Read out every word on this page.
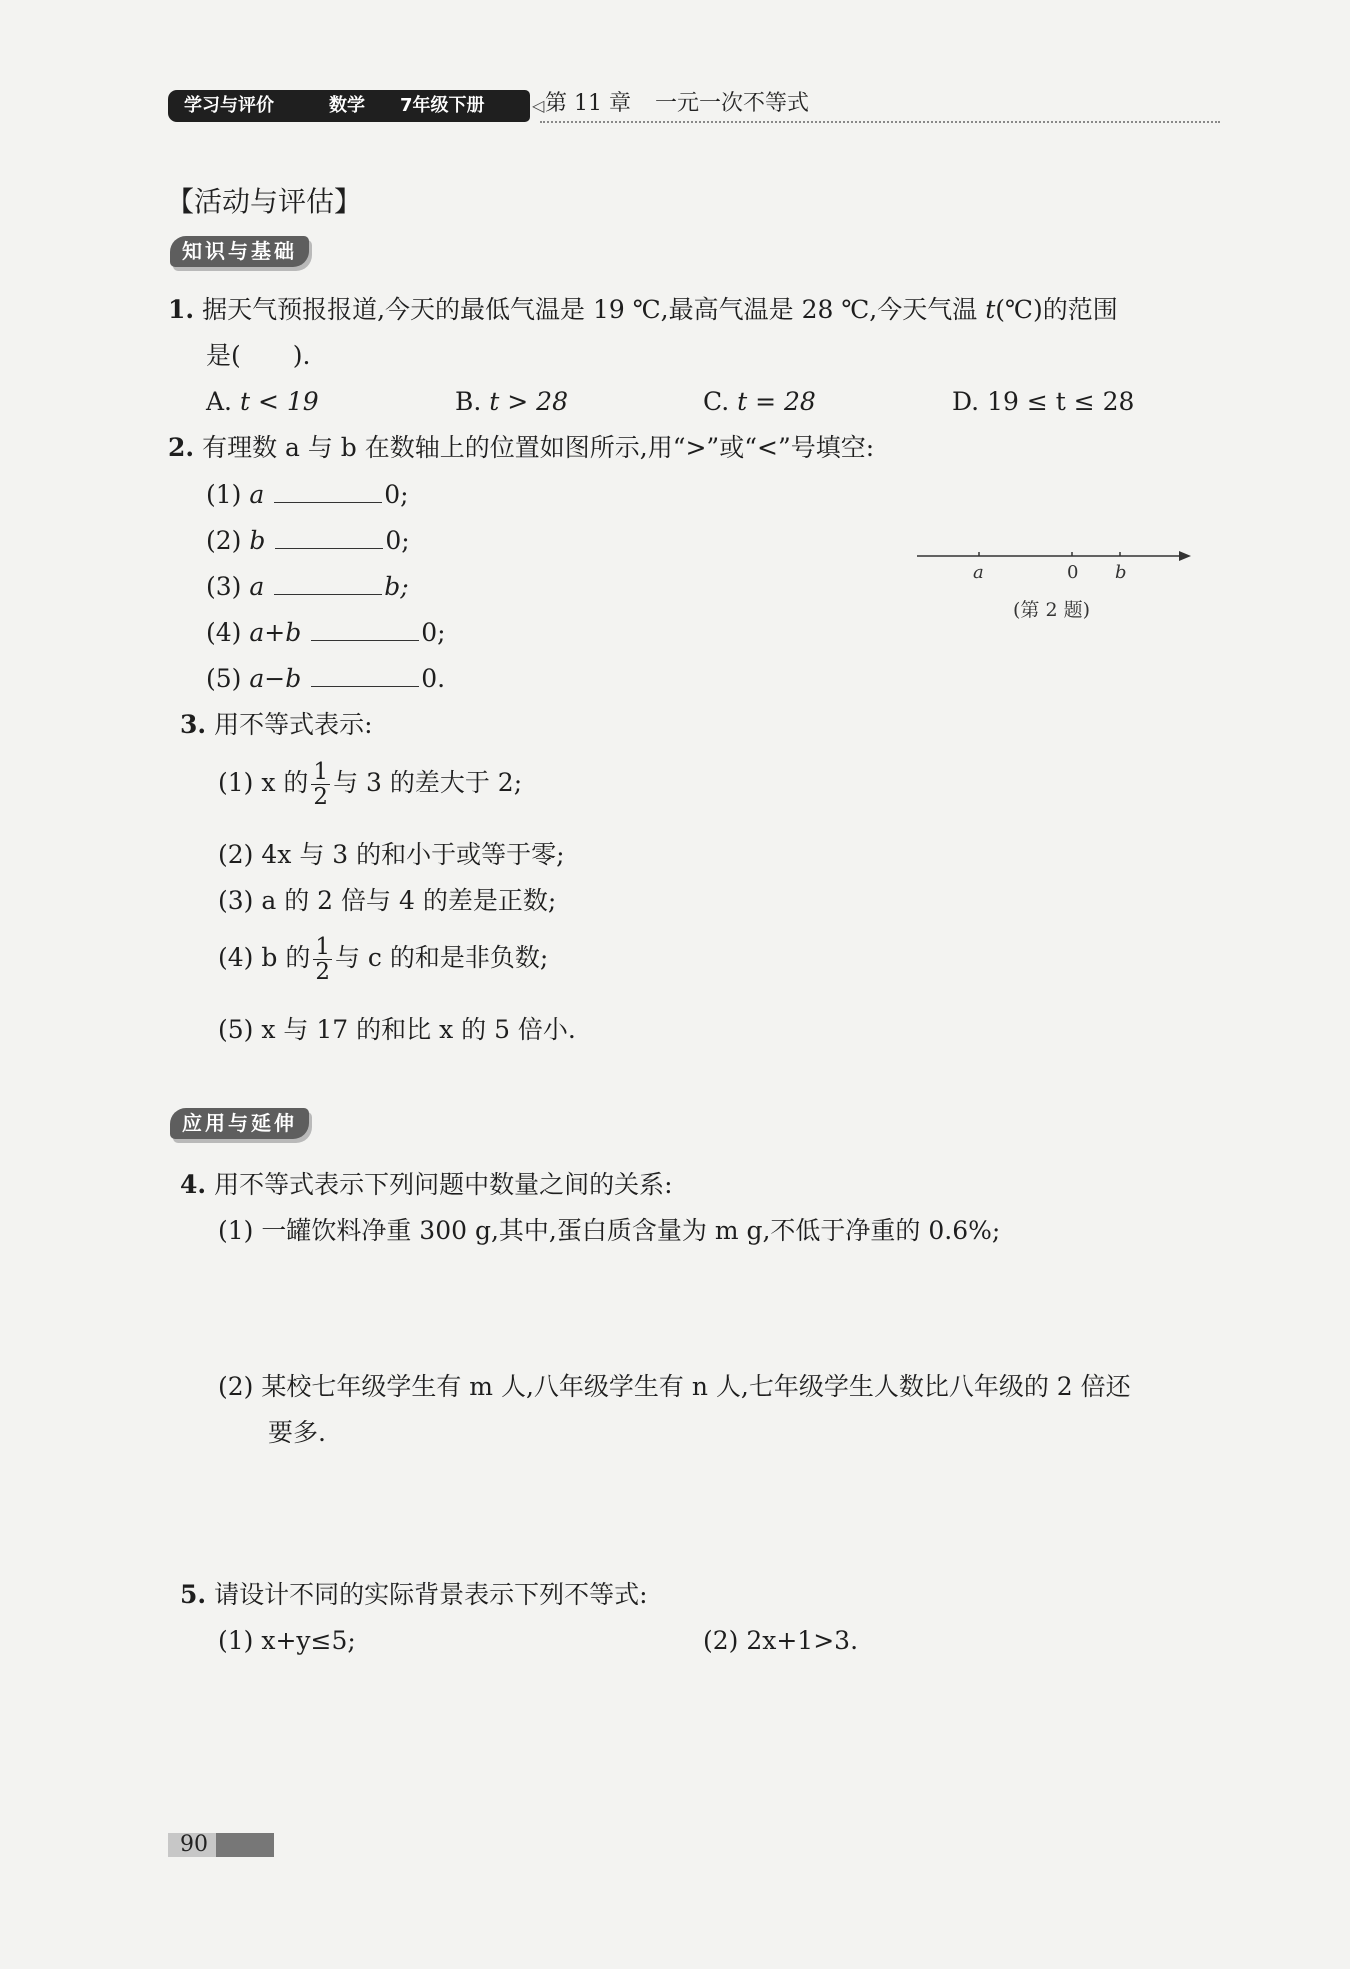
学习与评价	数学 7年级下册	◁ 第 11 章 一元一次不等式
【活动与评估】
知识与基础
1. 据天气预报报道,今天的最低气温是 19 ℃,最高气温是 28 ℃,今天气温 t(℃)的范围
是( ).
A. t < 19	B. t > 28	C. t = 28	D. 19 ≤ t ≤ 28
2. 有理数 a 与 b 在数轴上的位置如图所示,用“>”或“<”号填空:
(1) a	0;
(2) b	0;
(3) a	b;
(4) a+b	0;
(5) a−b	0.
a	0 b
(第 2 题)
3. 用不等式表示:
(1) x 的 $\frac{1}{2}$ 与 3 的差大于 2;
(2) 4x 与 3 的和小于或等于零;
(3) a 的 2 倍与 4 的差是正数;
(4) b 的 $\frac{1}{2}$ 与 c 的和是非负数;
(5) x 与 17 的和比 x 的 5 倍小.
应用与延伸
4. 用不等式表示下列问题中数量之间的关系:
(1) 一罐饮料净重 300 g,其中,蛋白质含量为 m g,不低于净重的 0.6%;
(2) 某校七年级学生有 m 人,八年级学生有 n 人,七年级学生人数比八年级的 2 倍还
要多.
5. 请设计不同的实际背景表示下列不等式:
(1) x+y≤5;	(2) 2x+1>3.
90
